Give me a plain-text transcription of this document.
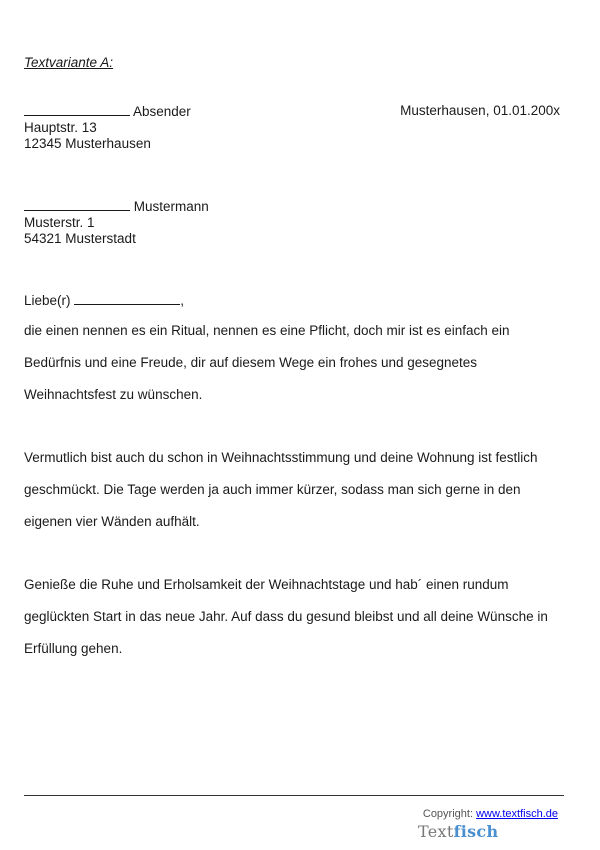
Textvariante A:
Absender
Hauptstr. 13
12345 Musterhausen
Musterhausen, 01.01.200x
Mustermann
Musterstr. 1
54321 Musterstadt
Liebe(r)	,

die einen nennen es ein Ritual, nennen es eine Pflicht, doch mir ist es einfach ein

Bedürfnis und eine Freude, dir auf diesem Wege ein frohes und gesegnetes

Weihnachtsfest zu wünschen.

Vermutlich bist auch du schon in Weihnachtsstimmung und deine Wohnung ist festlich

geschmückt. Die Tage werden ja auch immer kürzer, sodass man sich gerne in den

eigenen vier Wänden aufhält.

Genieße die Ruhe und Erholsamkeit der Weihnachtstage und hab´ einen rundum

geglückten Start in das neue Jahr. Auf dass du gesund bleibst und all deine Wünsche in

Erfüllung gehen.

Copyright: www.textfisch.de
Textfisch
